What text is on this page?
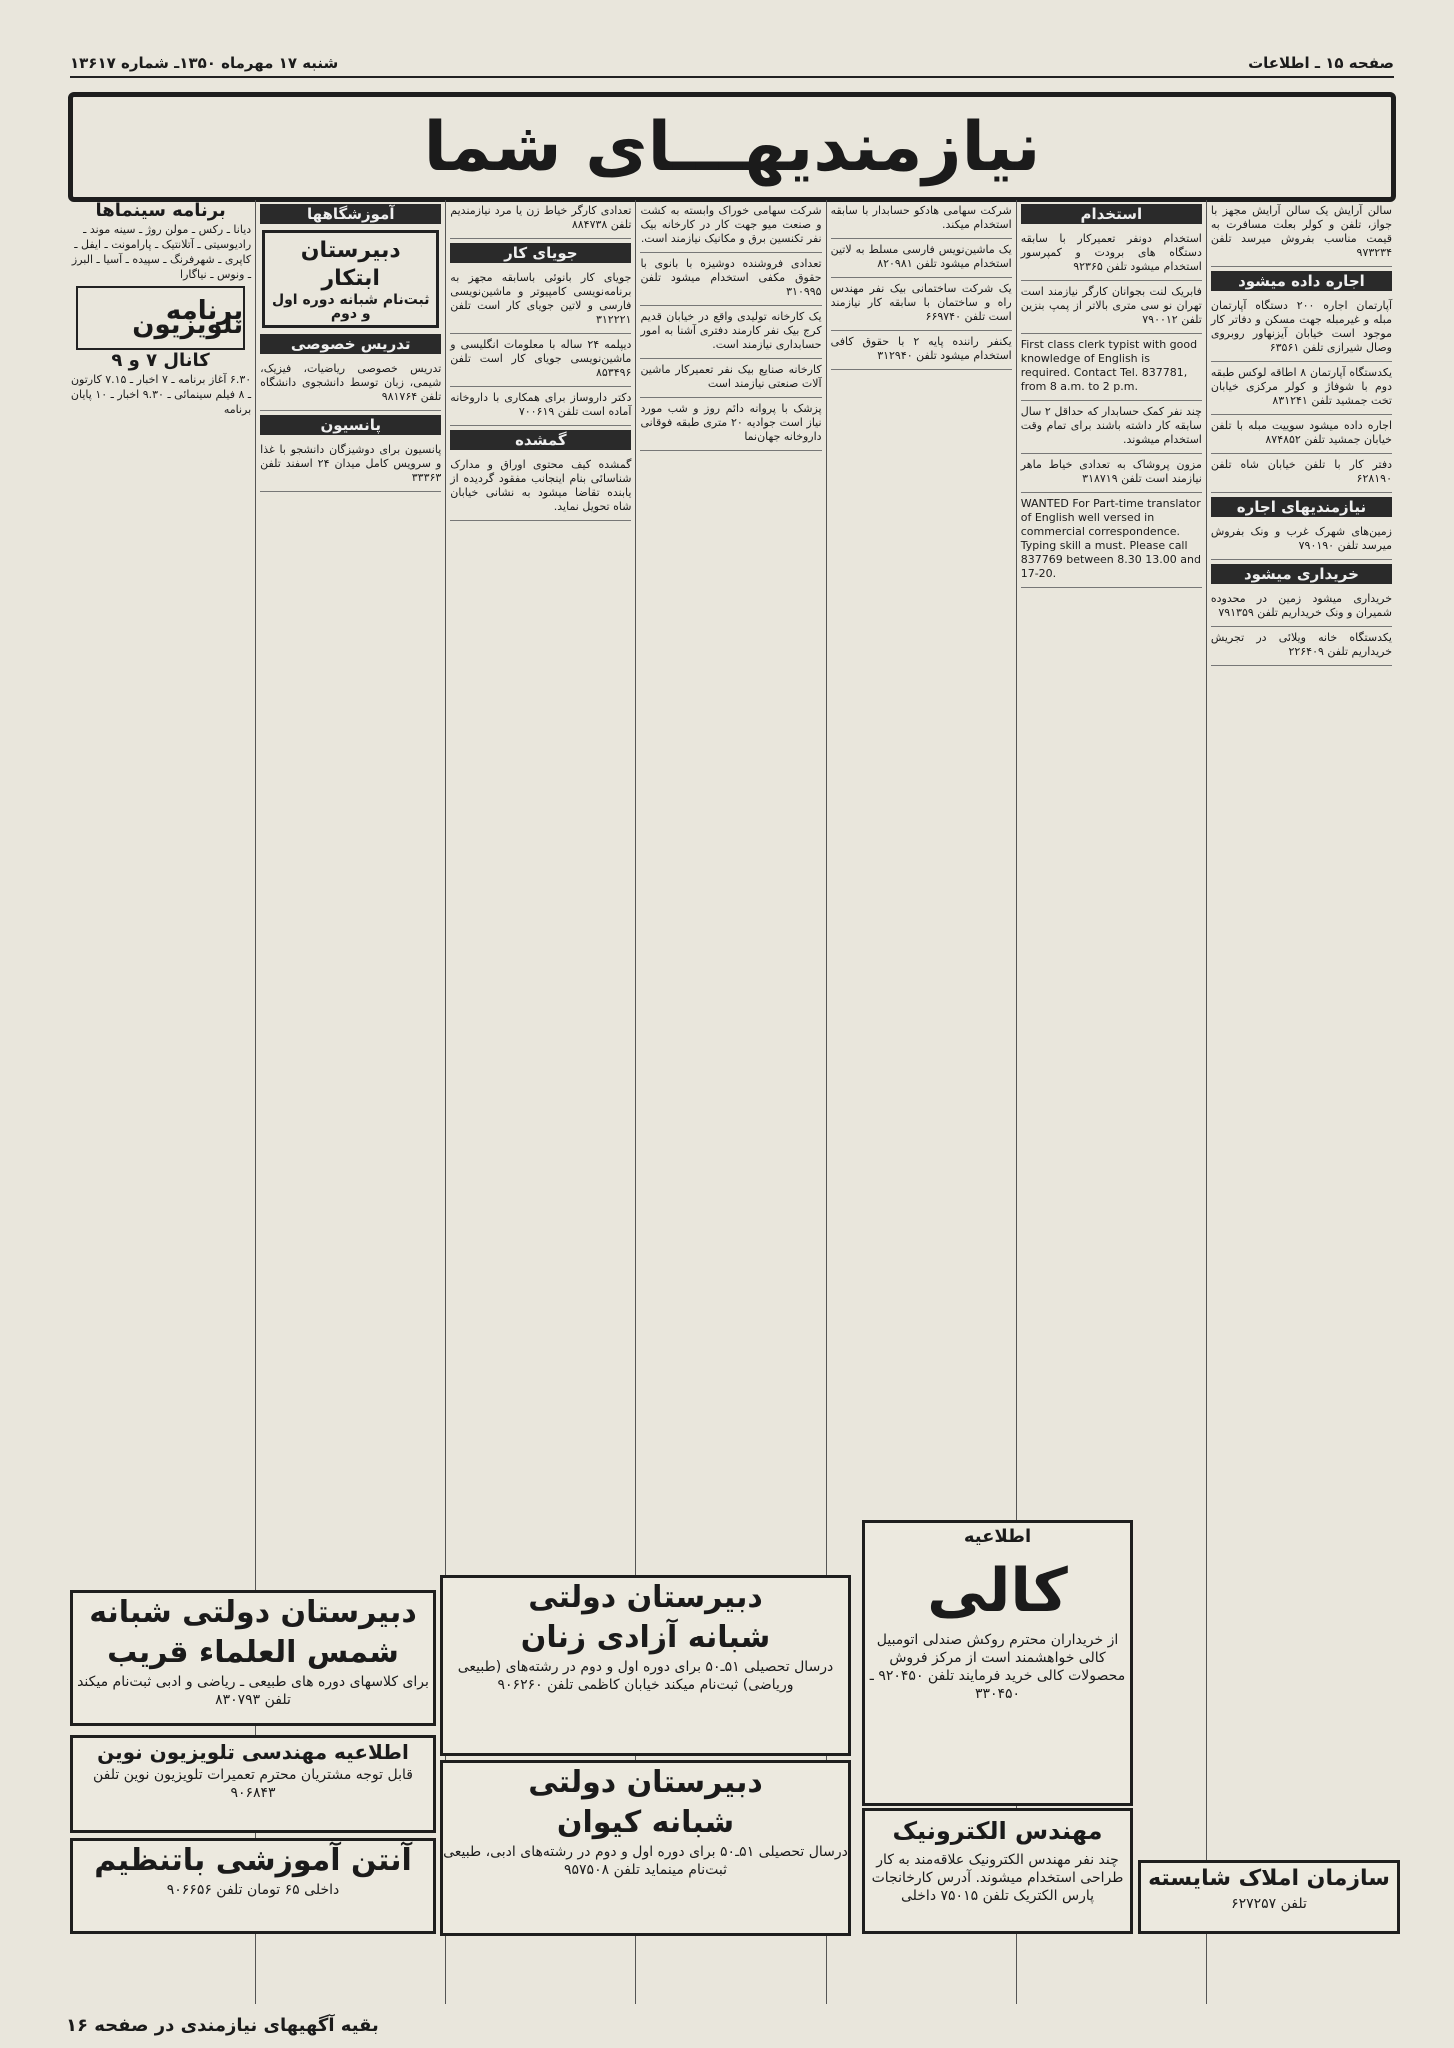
صفحه ۱۵ ـ اطلاعات
شنبه ۱۷ مهرماه ۱۳۵۰ـ شماره ۱۳۶۱۷
نیازمندیهـــای شما

سالن آرایش یک سالن آرایش مجهز با جواز، تلفن و کولر بعلت مسافرت به قیمت مناسب بفروش میرسد تلفن ۹۷۳۲۳۴

اجاره داده میشود

آپارتمان اجاره ۲۰۰ دستگاه آپارتمان مبله و غیرمبله جهت مسکن و دفاتر کار موجود است خیابان آیزنهاور روبروی وصال شیرازی تلفن ۶۳۵۶۱

یکدستگاه آپارتمان ۸ اطاقه لوکس طبقه دوم با شوفاژ و کولر مرکزی خیابان تخت جمشید تلفن ۸۳۱۲۴۱

اجاره داده میشود سوییت مبله با تلفن خیابان جمشید تلفن ۸۷۴۸۵۲

دفتر کار با تلفن خیابان شاه تلفن ۶۲۸۱۹۰

نیازمندیهای اجاره

زمین‌های شهرک غرب و ونک بفروش میرسد تلفن ۷۹۰۱۹۰

خریداری میشود

خریداری میشود زمین در محدوده شمیران و ونک خریداریم تلفن ۷۹۱۳۵۹

یکدستگاه خانه ویلائی در تجریش خریداریم تلفن ۲۲۶۴۰۹

استخدام

استخدام دونفر تعمیرکار با سابقه دستگاه های برودت و کمپرسور استخدام میشود تلفن ۹۲۳۶۵

فابریک لنت بجوانان کارگر نیازمند است تهران نو سی متری بالاتر از پمپ بنزین تلفن ۷۹۰۰۱۲

First class clerk typist with good knowledge of English is required. Contact Tel. 837781, from 8 a.m. to 2 p.m.

چند نفر کمک حسابدار که حداقل ۲ سال سابقه کار داشته باشند برای تمام وقت استخدام میشوند.

مزون پروشاک به تعدادی خیاط ماهر نیازمند است تلفن ۳۱۸۷۱۹

WANTED For Part-time translator of English well versed in commercial correspondence. Typing skill a must. Please call 837769 between 8.30 13.00 and 17-20.

شرکت سهامی هادکو حسابدار با سابقه استخدام میکند.

یک ماشین‌نویس فارسی مسلط به لاتین استخدام میشود تلفن ۸۲۰۹۸۱

یک شرکت ساختمانی بیک نفر مهندس راه و ساختمان با سابقه کار نیازمند است تلفن ۶۶۹۷۴۰

یکنفر راننده پایه ۲ با حقوق کافی استخدام میشود تلفن ۳۱۲۹۴۰

شرکت سهامی خوراک وابسته به کشت و صنعت میو جهت کار در کارخانه بیک نفر تکنسین برق و مکانیک نیازمند است.

تعدادی فروشنده دوشیزه با بانوی با حقوق مکفی استخدام میشود تلفن ۳۱۰۹۹۵

یک کارخانه تولیدی واقع در خیابان قدیم کرج بیک نفر کارمند دفتری آشنا به امور حسابداری نیازمند است.

کارخانه صنایع بیک نفر تعمیرکار ماشین آلات صنعتی نیازمند است

پزشک با پروانه دائم روز و شب مورد نیاز است جوادیه ۲۰ متری طبقه فوقانی داروخانه جهان‌نما

تعدادی کارگر خیاط زن یا مرد نیازمندیم تلفن ۸۸۴۷۳۸

جویای کار

جویای کار بانوئی باسابقه مجهز به برنامه‌نویسی کامپیوتر و ماشین‌نویسی فارسی و لاتین جویای کار است تلفن ۳۱۲۲۲۱

دیپلمه ۲۴ ساله با معلومات انگلیسی و ماشین‌نویسی جویای کار است تلفن ۸۵۳۴۹۶

دکتر داروساز برای همکاری با داروخانه آماده است تلفن ۷۰۰۶۱۹

گمشده

گمشده کیف محتوی اوراق و مدارک شناسائی بنام اینجانب مفقود گردیده از یابنده تقاضا میشود به نشانی خیابان شاه تحویل نماید.

آموزشگاهها
دبیرستان ابتکار
ثبت‌نام شبانه دوره اول و دوم
تدریس خصوصی

تدریس خصوصی ریاضیات، فیزیک، شیمی، زبان توسط دانشجوی دانشگاه تلفن ۹۸۱۷۶۴

پانسیون

پانسیون برای دوشیزگان دانشجو با غذا و سرویس کامل میدان ۲۴ اسفند تلفن ۳۳۳۶۳

برنامه سینماها
دیانا ـ رکس ـ مولن روژ ـ سینه موند ـ رادیوسیتی ـ آتلانتیک ـ پارامونت ـ ایفل ـ کاپری ـ شهرفرنگ ـ سپیده ـ آسیا ـ البرز ـ ونوس ـ نیاگارا
برنامه تلویزیون
کانال ۷ و ۹
۶.۳۰ آغاز برنامه ـ ۷ اخبار ـ ۷.۱۵ کارتون ـ ۸ فیلم سینمائی ـ ۹.۳۰ اخبار ـ ۱۰ پایان برنامه
دبیرستان دولتی شبانه
شمس العلماء قریب
برای کلاسهای دوره های طبیعی ـ ریاضی و ادبی ثبت‌نام میکند تلفن ۸۳۰۷۹۳
اطلاعیه مهندسی تلویزیون نوین
قابل توجه مشتریان محترم تعمیرات تلویزیون نوین تلفن ۹۰۶۸۴۳
آنتن آموزشی باتنظیم
داخلی ۶۵ تومان تلفن ۹۰۶۶۵۶
دبیرستان دولتی
شبانه آزادی زنان
درسال تحصیلی ۵۱ـ۵۰ برای دوره اول و دوم در رشته‌های (طبیعی وریاضی) ثبت‌نام میکند خیابان کاظمی تلفن ۹۰۶۲۶۰
دبیرستان دولتی
شبانه کیوان
درسال تحصیلی ۵۱ـ۵۰ برای دوره اول و دوم در رشته‌های ادبی، طبیعی ثبت‌نام مینماید تلفن ۹۵۷۵۰۸
اطلاعیه
کالی
از خریداران محترم روکش صندلی اتومبیل کالی خواهشمند است از مرکز فروش محصولات کالی خرید فرمایند تلفن ۹۲۰۴۵۰ ـ ۳۳۰۴۵۰
مهندس الکترونیک
چند نفر مهندس الکترونیک علاقه‌مند به کار طراحی استخدام میشوند. آدرس کارخانجات پارس الکتریک تلفن ۷۵۰۱۵ داخلی
سازمان املاک شایسته
تلفن ۶۲۷۲۵۷
بقیه آگهیهای نیازمندی در صفحه ۱۶
